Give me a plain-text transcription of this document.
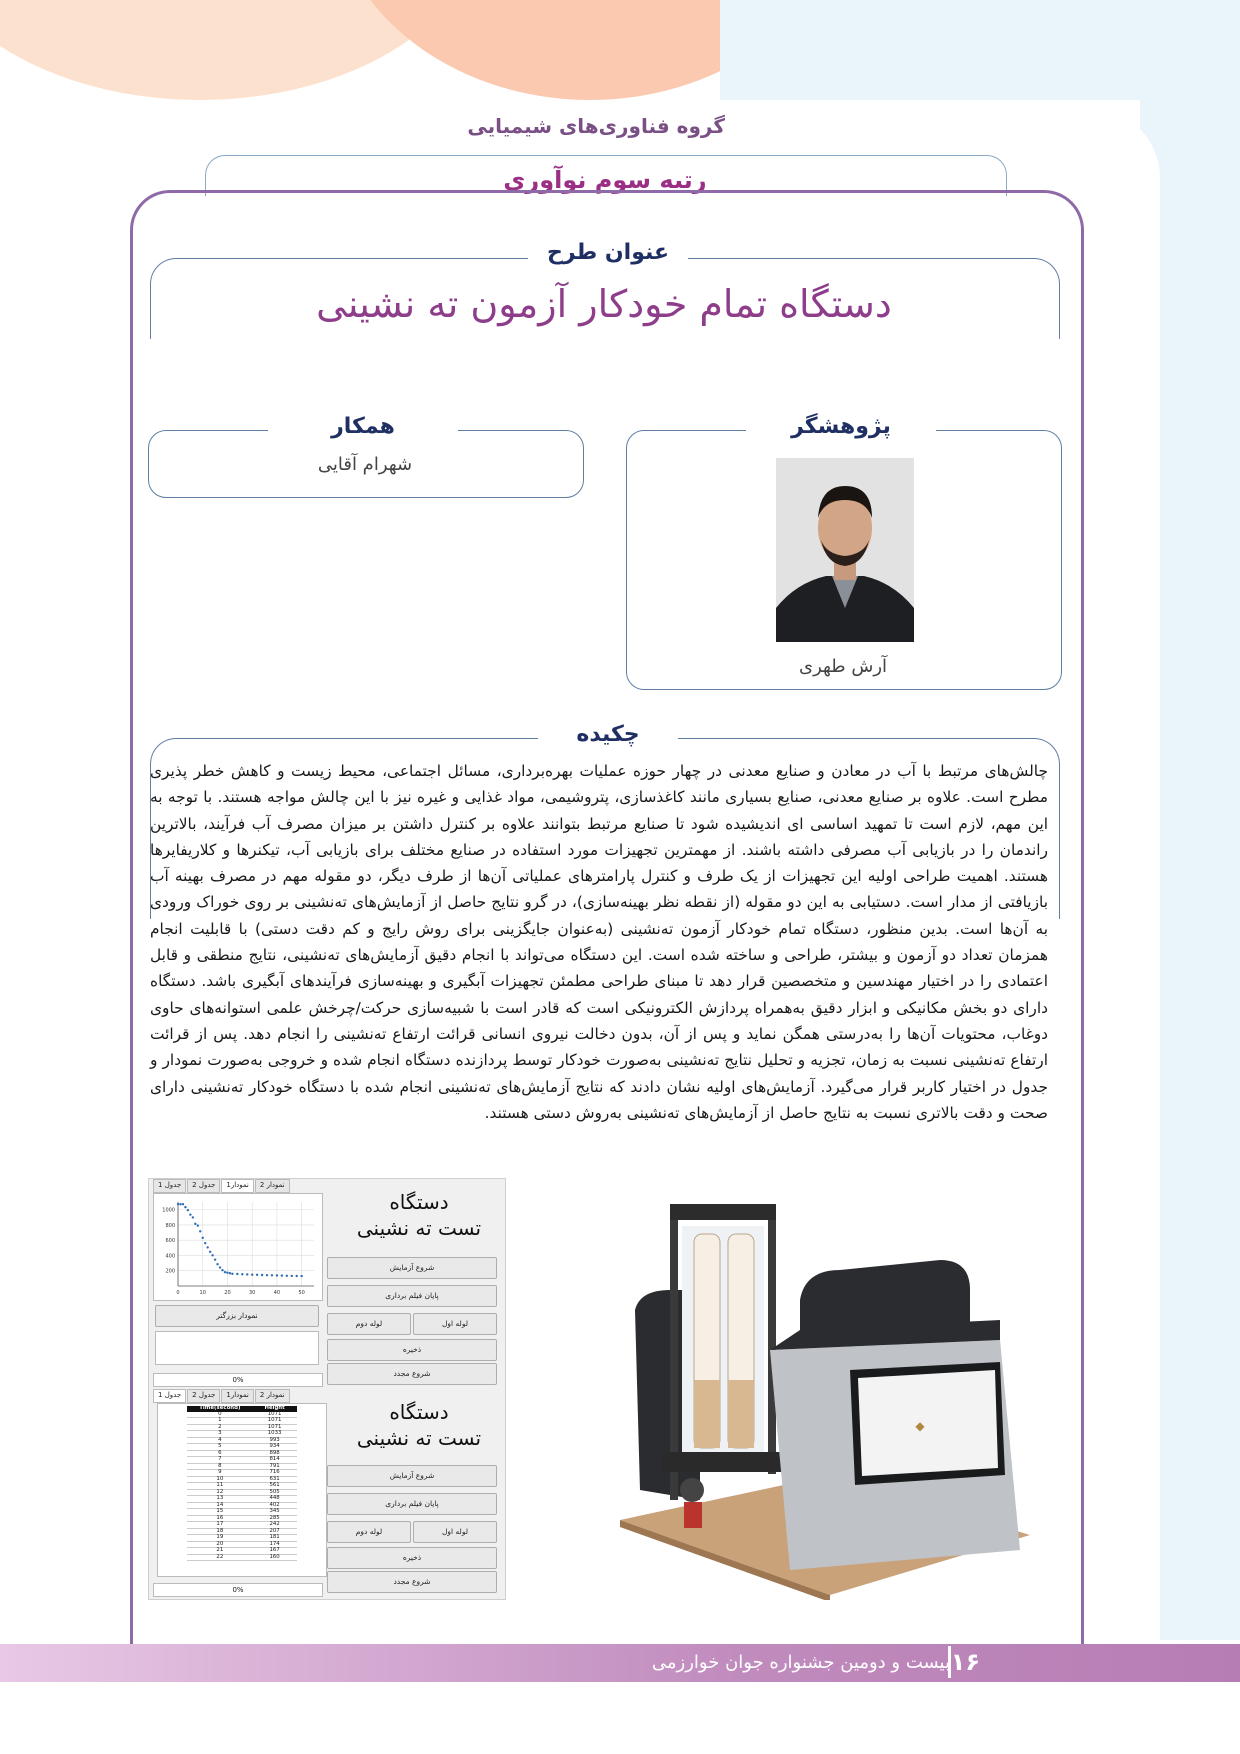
گروه فناوری‌های شیمیایی
رتبه سوم نوآوری
عنوان طرح
دستگاه تمام خودکار آزمون ته نشینی
همکار
شهرام آقایی
پژوهشگر
آرش طهری
چکیده
چالش‌های مرتبط با آب در معادن و صنایع معدنی در چهار حوزه عملیات بهره‌برداری، مسائل اجتماعی، محیط زیست و کاهش خطر پذیری مطرح است. علاوه بر صنایع معدنی، صنایع بسیاری مانند کاغذسازی، پتروشیمی، مواد غذایی و غیره نیز با این چالش مواجه هستند. با توجه به این مهم، لازم است تا تمهید اساسی ای اندیشیده شود تا صنایع مرتبط بتوانند علاوه بر کنترل داشتن بر میزان مصرف آب فرآیند، بالاترین راندمان را در بازیابی آب مصرفی داشته باشند. از مهمترین تجهیزات مورد استفاده در صنایع مختلف برای بازیابی آب، تیکنرها و کلاریفایرها هستند. اهمیت طراحی اولیه این تجهیزات از یک طرف و کنترل پارامترهای عملیاتی آن‌ها از طرف دیگر، دو مقوله مهم در مصرف بهینه آب بازیافتی از مدار است. دستیابی به این دو مقوله (از نقطه نظر بهینه‌سازی)، در گرو نتایج حاصل از آزمایش‌های ته‌نشینی بر روی خوراک ورودی به آن‌ها است. بدین منظور، دستگاه تمام خودکار آزمون ته‌نشینی (به‌عنوان جایگزینی برای روش رایج و کم دقت دستی) با قابلیت انجام همزمان تعداد دو آزمون و بیشتر، طراحی و ساخته شده است. این دستگاه می‌تواند با انجام دقیق آزمایش‌های ته‌نشینی، نتایج منطقی و قابل اعتمادی را در اختیار مهندسین و متخصصین قرار دهد تا مبنای طراحی مطمئن تجهیزات آبگیری و بهینه‌سازی فرآیندهای آبگیری باشد. دستگاه دارای دو بخش مکانیکی و ابزار دقیق به‌همراه پردازش الکترونیکی است که قادر است با شبیه‌سازی حرکت/چرخش علمی استوانه‌های حاوی دوغاب، محتویات آن‌ها را به‌درستی همگن نماید و پس از آن، بدون دخالت نیروی انسانی قرائت ارتفاع ته‌نشینی را انجام دهد. پس از قرائت ارتفاع ته‌نشینی نسبت به زمان، تجزیه و تحلیل نتایج ته‌نشینی به‌صورت خودکار توسط پردازنده دستگاه انجام شده و خروجی به‌صورت نمودار و جدول در اختیار کاربر قرار می‌گیرد. آزمایش‌های اولیه نشان دادند که نتایج آزمایش‌های ته‌نشینی انجام شده با دستگاه خودکار ته‌نشینی دارای صحت و دقت بالاتری نسبت به نتایج حاصل از آزمایش‌های ته‌نشینی به‌روش دستی هستند.
جدول 1	جدول 2	نمودار1	نمودار 2
200
400
600
800
1000
0	10	20	30	40	50
نمودار بزرگتر
0%
دستگاه
تست ته نشینی
شروع آزمایش
پایان فیلم برداری
لوله دوم	لوله اول
ذخیره
شروع مجدد
جدول 1	جدول 2	نمودار1	نمودار 2
Time(second)	Height
0	1071
1	1071
2	1071
3	1033
4	993
5	934
6	898
7	814
8	791
9	716
10	631
11	561
12	505
13	448
14	402
15	345
16	285
17	242
18	207
19	181
20	174
21	167
22	160
0%
دستگاه
تست ته نشینی
شروع آزمایش
پایان فیلم برداری
لوله دوم	لوله اول
ذخیره
شروع مجدد
◆
بیست و دومین جشنواره جوان خوارزمی ۱۶
